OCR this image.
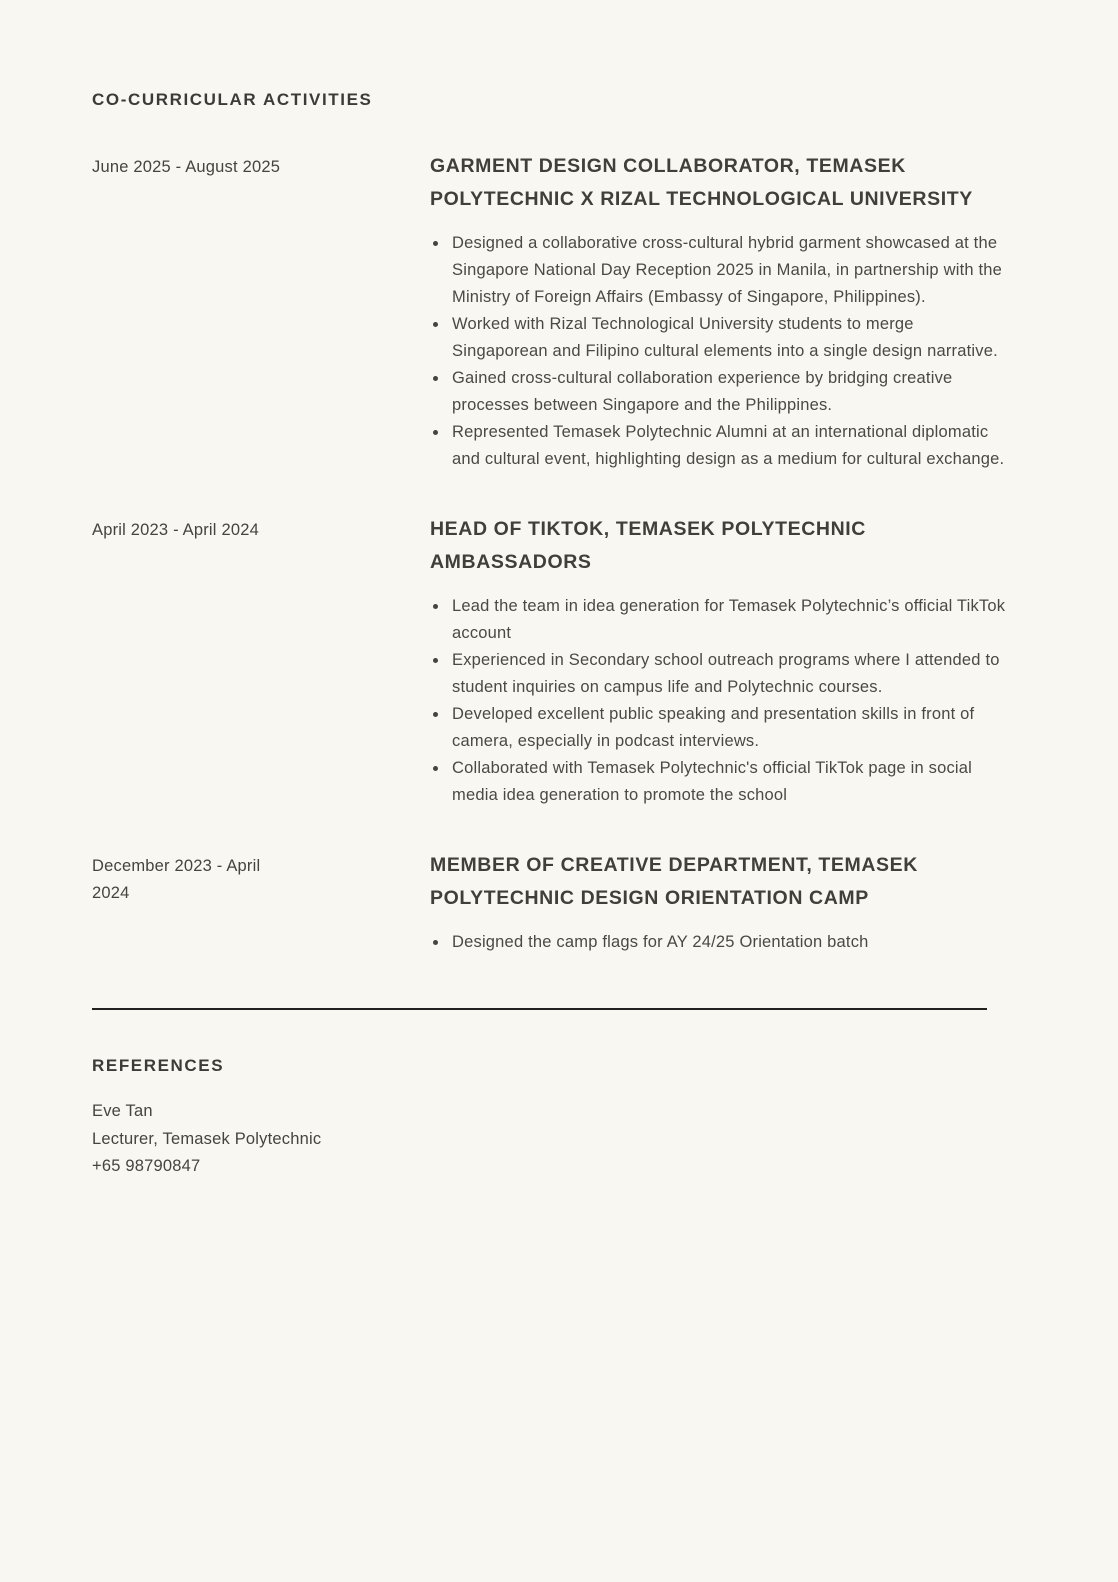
CO-CURRICULAR ACTIVITIES
June 2025 - August 2025	GARMENT DESIGN COLLABORATOR, TEMASEK POLYTECHNIC X RIZAL TECHNOLOGICAL UNIVERSITY
Designed a collaborative cross-cultural hybrid garment showcased at the Singapore National Day Reception 2025 in Manila, in partnership with the Ministry of Foreign Affairs (Embassy of Singapore, Philippines).
Worked with Rizal Technological University students to merge Singaporean and Filipino cultural elements into a single design narrative.
Gained cross-cultural collaboration experience by bridging creative processes between Singapore and the Philippines.
Represented Temasek Polytechnic Alumni at an international diplomatic and cultural event, highlighting design as a medium for cultural exchange.
April 2023 - April 2024	HEAD OF TIKTOK, TEMASEK POLYTECHNIC AMBASSADORS
Lead the team in idea generation for Temasek Polytechnic’s official TikTok account
Experienced in Secondary school outreach programs where I attended to student inquiries on campus life and Polytechnic courses.
Developed excellent public speaking and presentation skills in front of camera, especially in podcast interviews.
Collaborated with Temasek Polytechnic's official TikTok page in social media idea generation to promote the school
December 2023 - April 2024
MEMBER OF CREATIVE DEPARTMENT, TEMASEK POLYTECHNIC DESIGN ORIENTATION CAMP
Designed the camp flags for AY 24/25 Orientation batch
REFERENCES
Eve Tan
Lecturer, Temasek Polytechnic
+65 98790847
